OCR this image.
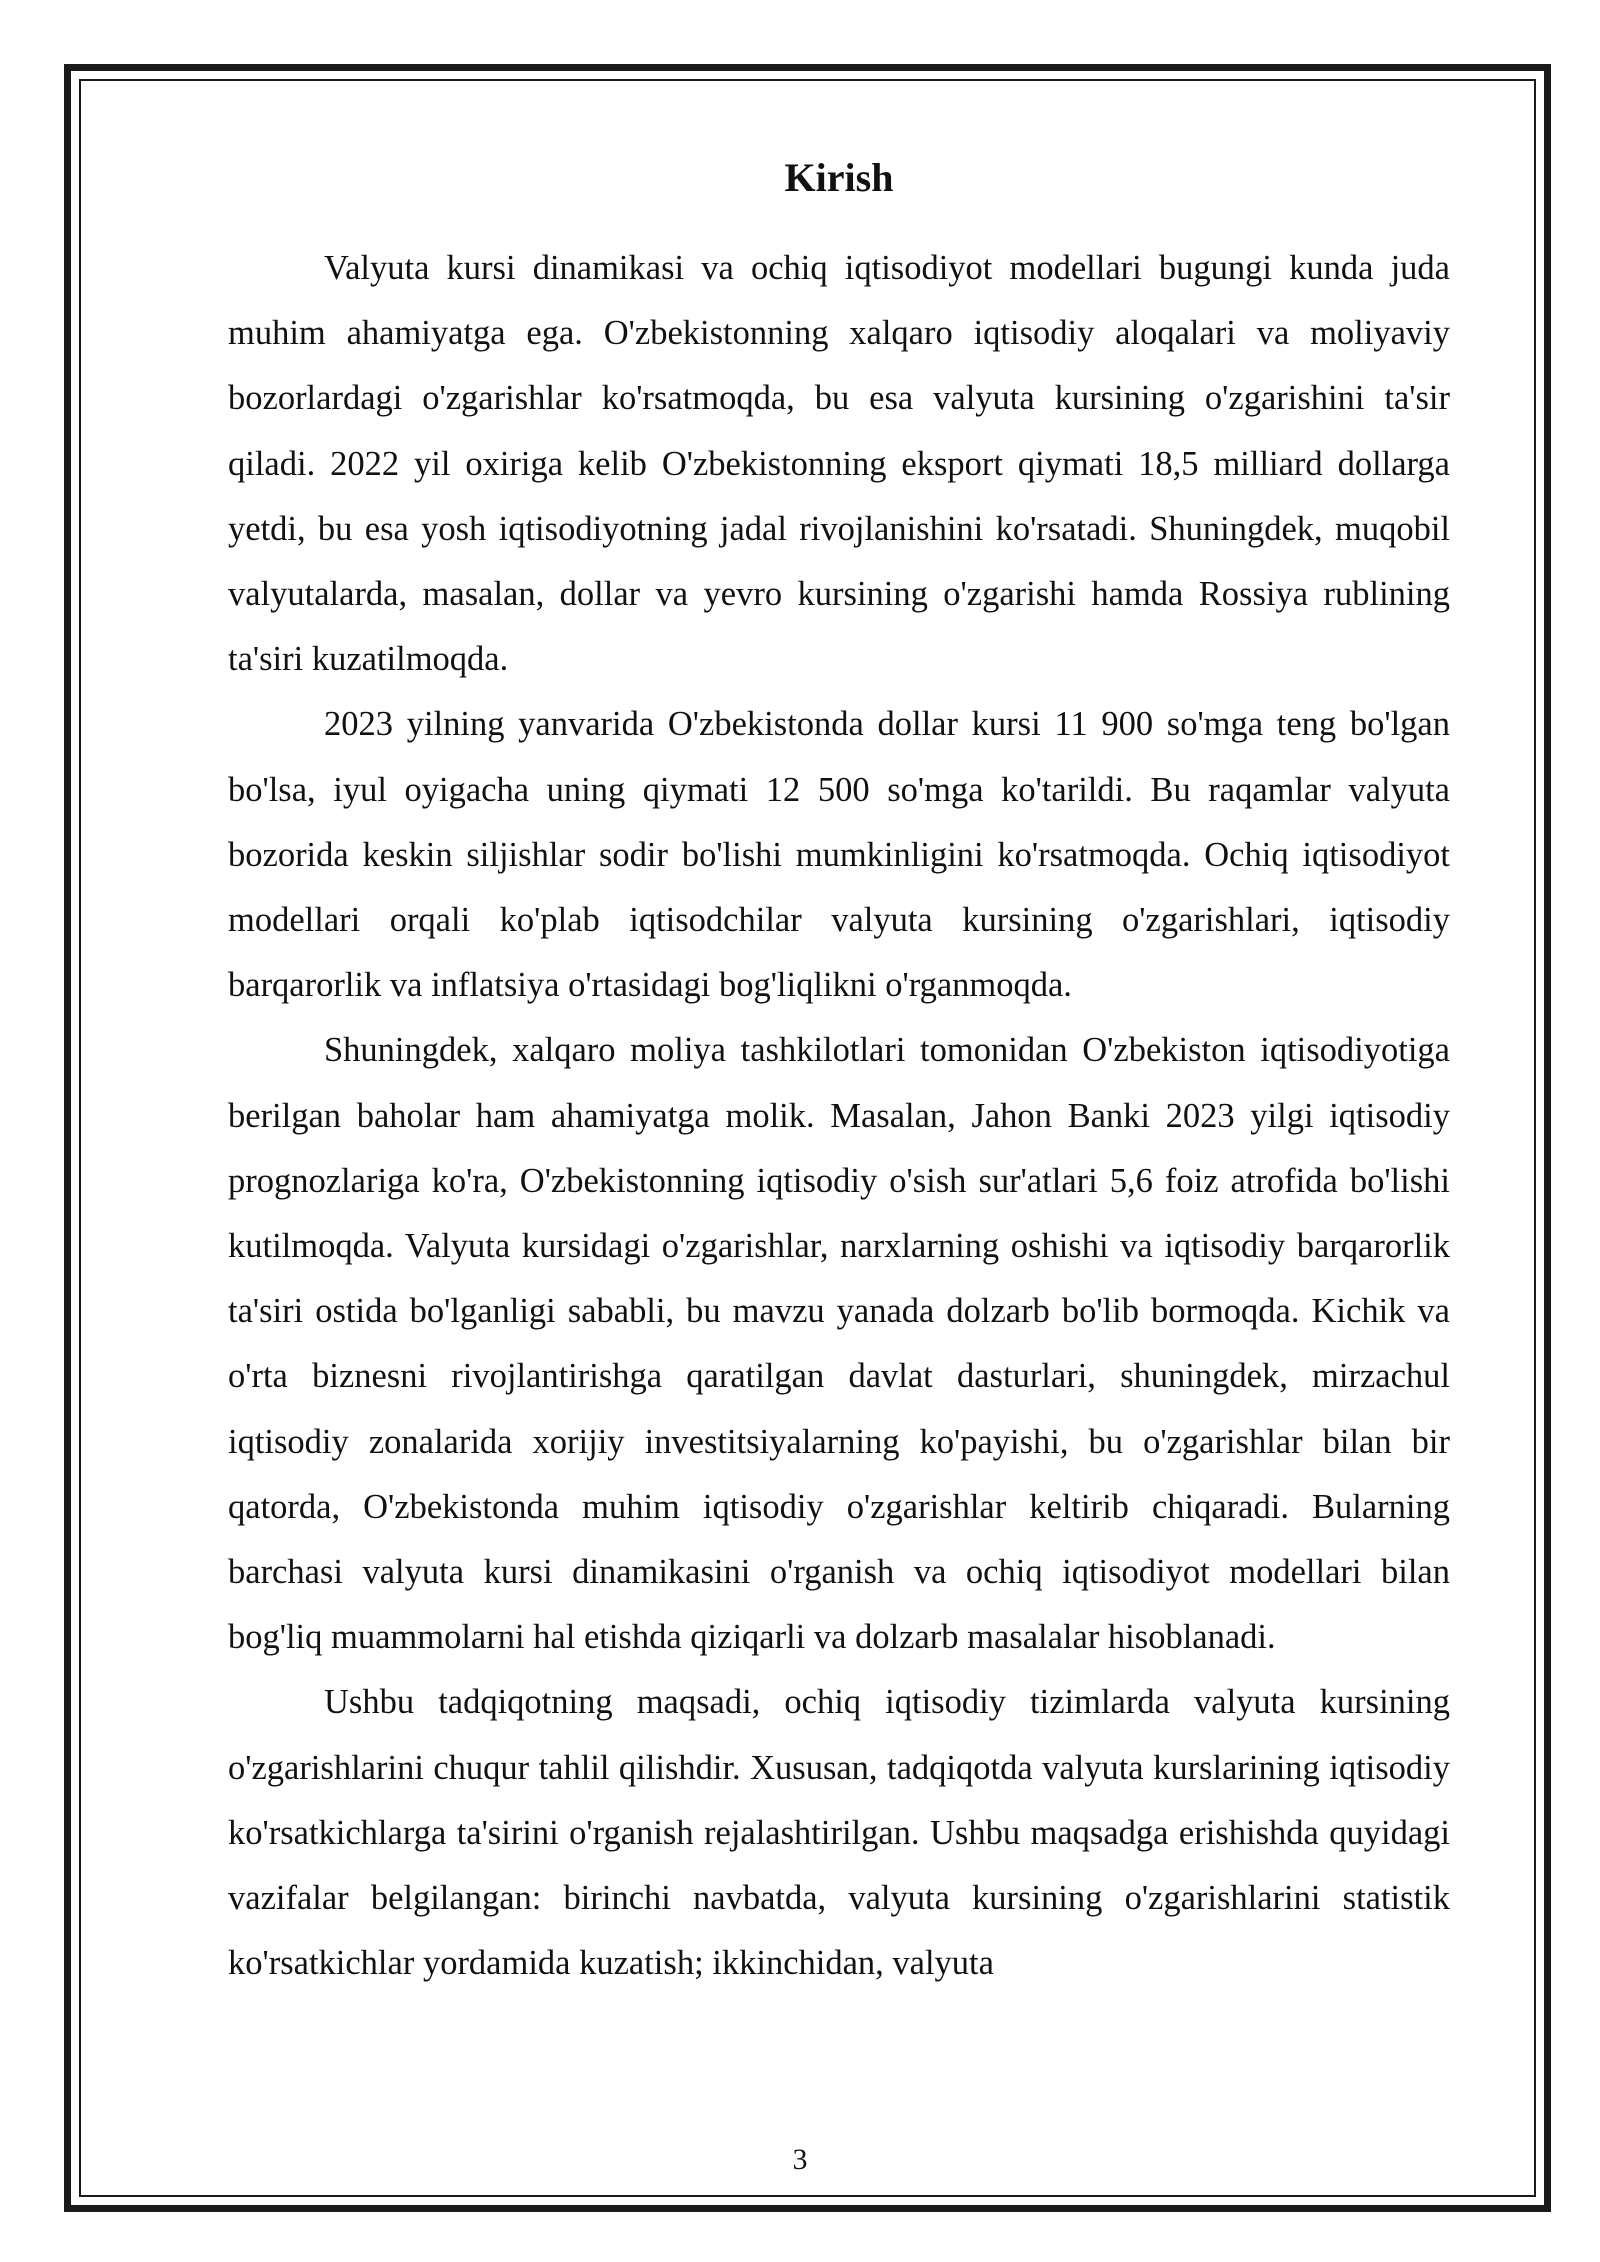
Kirish

Valyuta kursi dinamikasi va ochiq iqtisodiyot modellari bugungi kunda juda muhim ahamiyatga ega. O'zbekistonning xalqaro iqtisodiy aloqalari va moliyaviy bozorlardagi o'zgarishlar ko'rsatmoqda, bu esa valyuta kursining o'zgarishini ta'sir qiladi. 2022 yil oxiriga kelib O'zbekistonning eksport qiymati 18,5 milliard dollarga yetdi, bu esa yosh iqtisodiyotning jadal rivojlanishini ko'rsatadi. Shuningdek, muqobil valyutalarda, masalan, dollar va yevro kursining o'zgarishi hamda Rossiya rublining ta'siri kuzatilmoqda.

2023 yilning yanvarida O'zbekistonda dollar kursi 11 900 so'mga teng bo'lgan bo'lsa, iyul oyigacha uning qiymati 12 500 so'mga ko'tarildi. Bu raqamlar valyuta bozorida keskin siljishlar sodir bo'lishi mumkinligini ko'rsatmoqda. Ochiq iqtisodiyot modellari orqali ko'plab iqtisodchilar valyuta kursining o'zgarishlari, iqtisodiy barqarorlik va inflatsiya o'rtasidagi bog'liqlikni o'rganmoqda.

Shuningdek, xalqaro moliya tashkilotlari tomonidan O'zbekiston iqtisodiyotiga berilgan baholar ham ahamiyatga molik. Masalan, Jahon Banki 2023 yilgi iqtisodiy prognozlariga ko'ra, O'zbekistonning iqtisodiy o'sish sur'atlari 5,6 foiz atrofida bo'lishi kutilmoqda. Valyuta kursidagi o'zgarishlar, narxlarning oshishi va iqtisodiy barqarorlik ta'siri ostida bo'lganligi sababli, bu mavzu yanada dolzarb bo'lib bormoqda. Kichik va o'rta biznesni rivojlantirishga qaratilgan davlat dasturlari, shuningdek, mirzachul iqtisodiy zonalarida xorijiy investitsiyalarning ko'payishi, bu o'zgarishlar bilan bir qatorda, O'zbekistonda muhim iqtisodiy o'zgarishlar keltirib chiqaradi. Bularning barchasi valyuta kursi dinamikasini o'rganish va ochiq iqtisodiyot modellari bilan bog'liq muammolarni hal etishda qiziqarli va dolzarb masalalar hisoblanadi.

Ushbu tadqiqotning maqsadi, ochiq iqtisodiy tizimlarda valyuta kursining o'zgarishlarini chuqur tahlil qilishdir. Xususan, tadqiqotda valyuta kurslarining iqtisodiy ko'rsatkichlarga ta'sirini o'rganish rejalashtirilgan. Ushbu maqsadga erishishda quyidagi vazifalar belgilangan: birinchi navbatda, valyuta kursining o'zgarishlarini statistik ko'rsatkichlar yordamida kuzatish; ikkinchidan, valyuta

3
